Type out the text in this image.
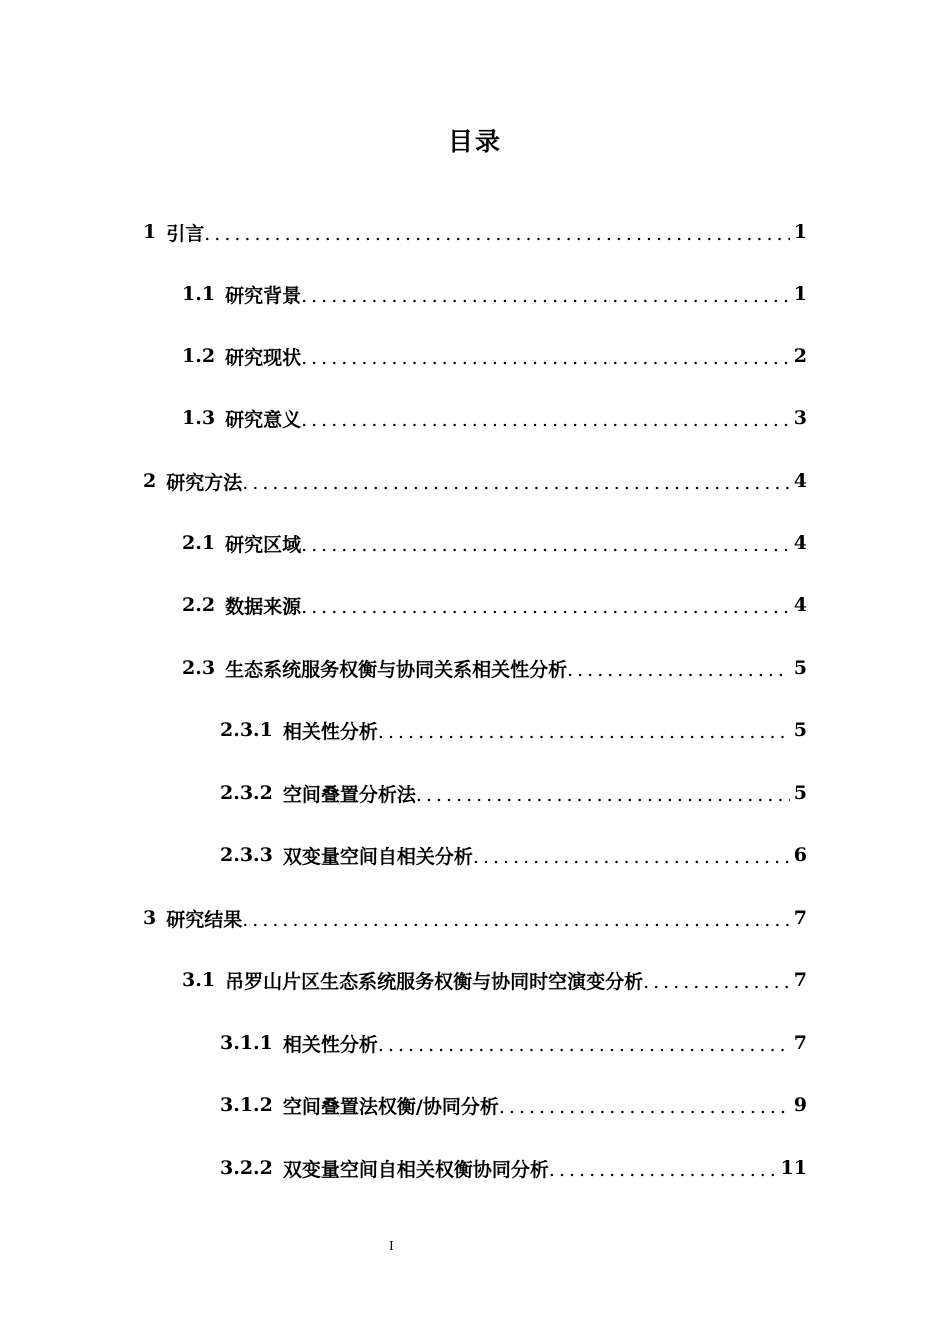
目录
1 引言 .....	1
1.1 研究背景 .....	1
1.2 研究现状 .....	2
1.3 研究意义 .....	3
2 研究方法 .....	4
2.1 研究区域 .....	4
2.2 数据来源 .....	4
2.3 生态系统服务权衡与协同关系相关性分析 .....	5
2.3.1 相关性分析 .....	5
2.3.2 空间叠置分析法 .....	5
2.3.3 双变量空间自相关分析 .....	6
3 研究结果 .....	7
3.1 吊罗山片区生态系统服务权衡与协同时空演变分析 .....	7
3.1.1 相关性分析 .....	7
3.1.2 空间叠置法权衡/协同分析 .....	9
3.2.2 双变量空间自相关权衡协同分析 .....	11
I
